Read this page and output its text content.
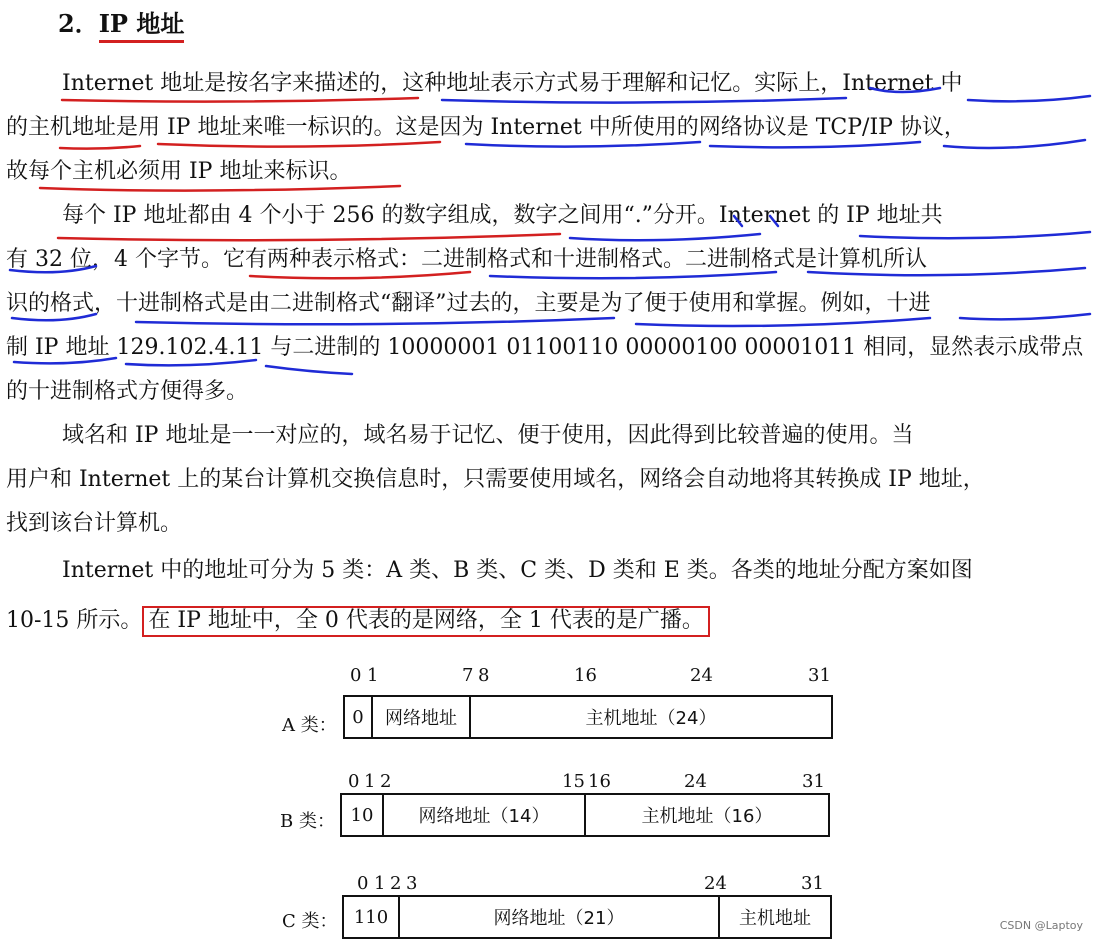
2．IP 地址
Internet 地址是按名字来描述的，这种地址表示方式易于理解和记忆。实际上，Internet 中
的主机地址是用 IP 地址来唯一标识的。这是因为 Internet 中所使用的网络协议是 TCP/IP 协议，
故每个主机必须用 IP 地址来标识。
每个 IP 地址都由 4 个小于 256 的数字组成，数字之间用“.”分开。Internet 的 IP 地址共
有 32 位，4 个字节。它有两种表示格式：二进制格式和十进制格式。二进制格式是计算机所认
识的格式，十进制格式是由二进制格式“翻译”过去的，主要是为了便于使用和掌握。例如，十进
制 IP 地址 129.102.4.11 与二进制的 10000001 01100110 00000100 00001011 相同，显然表示成带点
的十进制格式方便得多。
域名和 IP 地址是一一对应的，域名易于记忆、便于使用，因此得到比较普遍的使用。当
用户和 Internet 上的某台计算机交换信息时，只需要使用域名，网络会自动地将其转换成 IP 地址，
找到该台计算机。
Internet 中的地址可分为 5 类：A 类、B 类、C 类、D 类和 E 类。各类的地址分配方案如图
10-15 所示。 在 IP 地址中，全 0 代表的是网络，全 1 代表的是广播。
0 1	7 8	16	24	31
A 类： 0	网络地址	主机地址（24）
0 1 2	15 16	24	31
B 类： 10	网络地址（14）	主机地址（16）
0 1 2 3	24	31
C 类： 110	网络地址（21）	主机地址	CSDN @Laptoy
